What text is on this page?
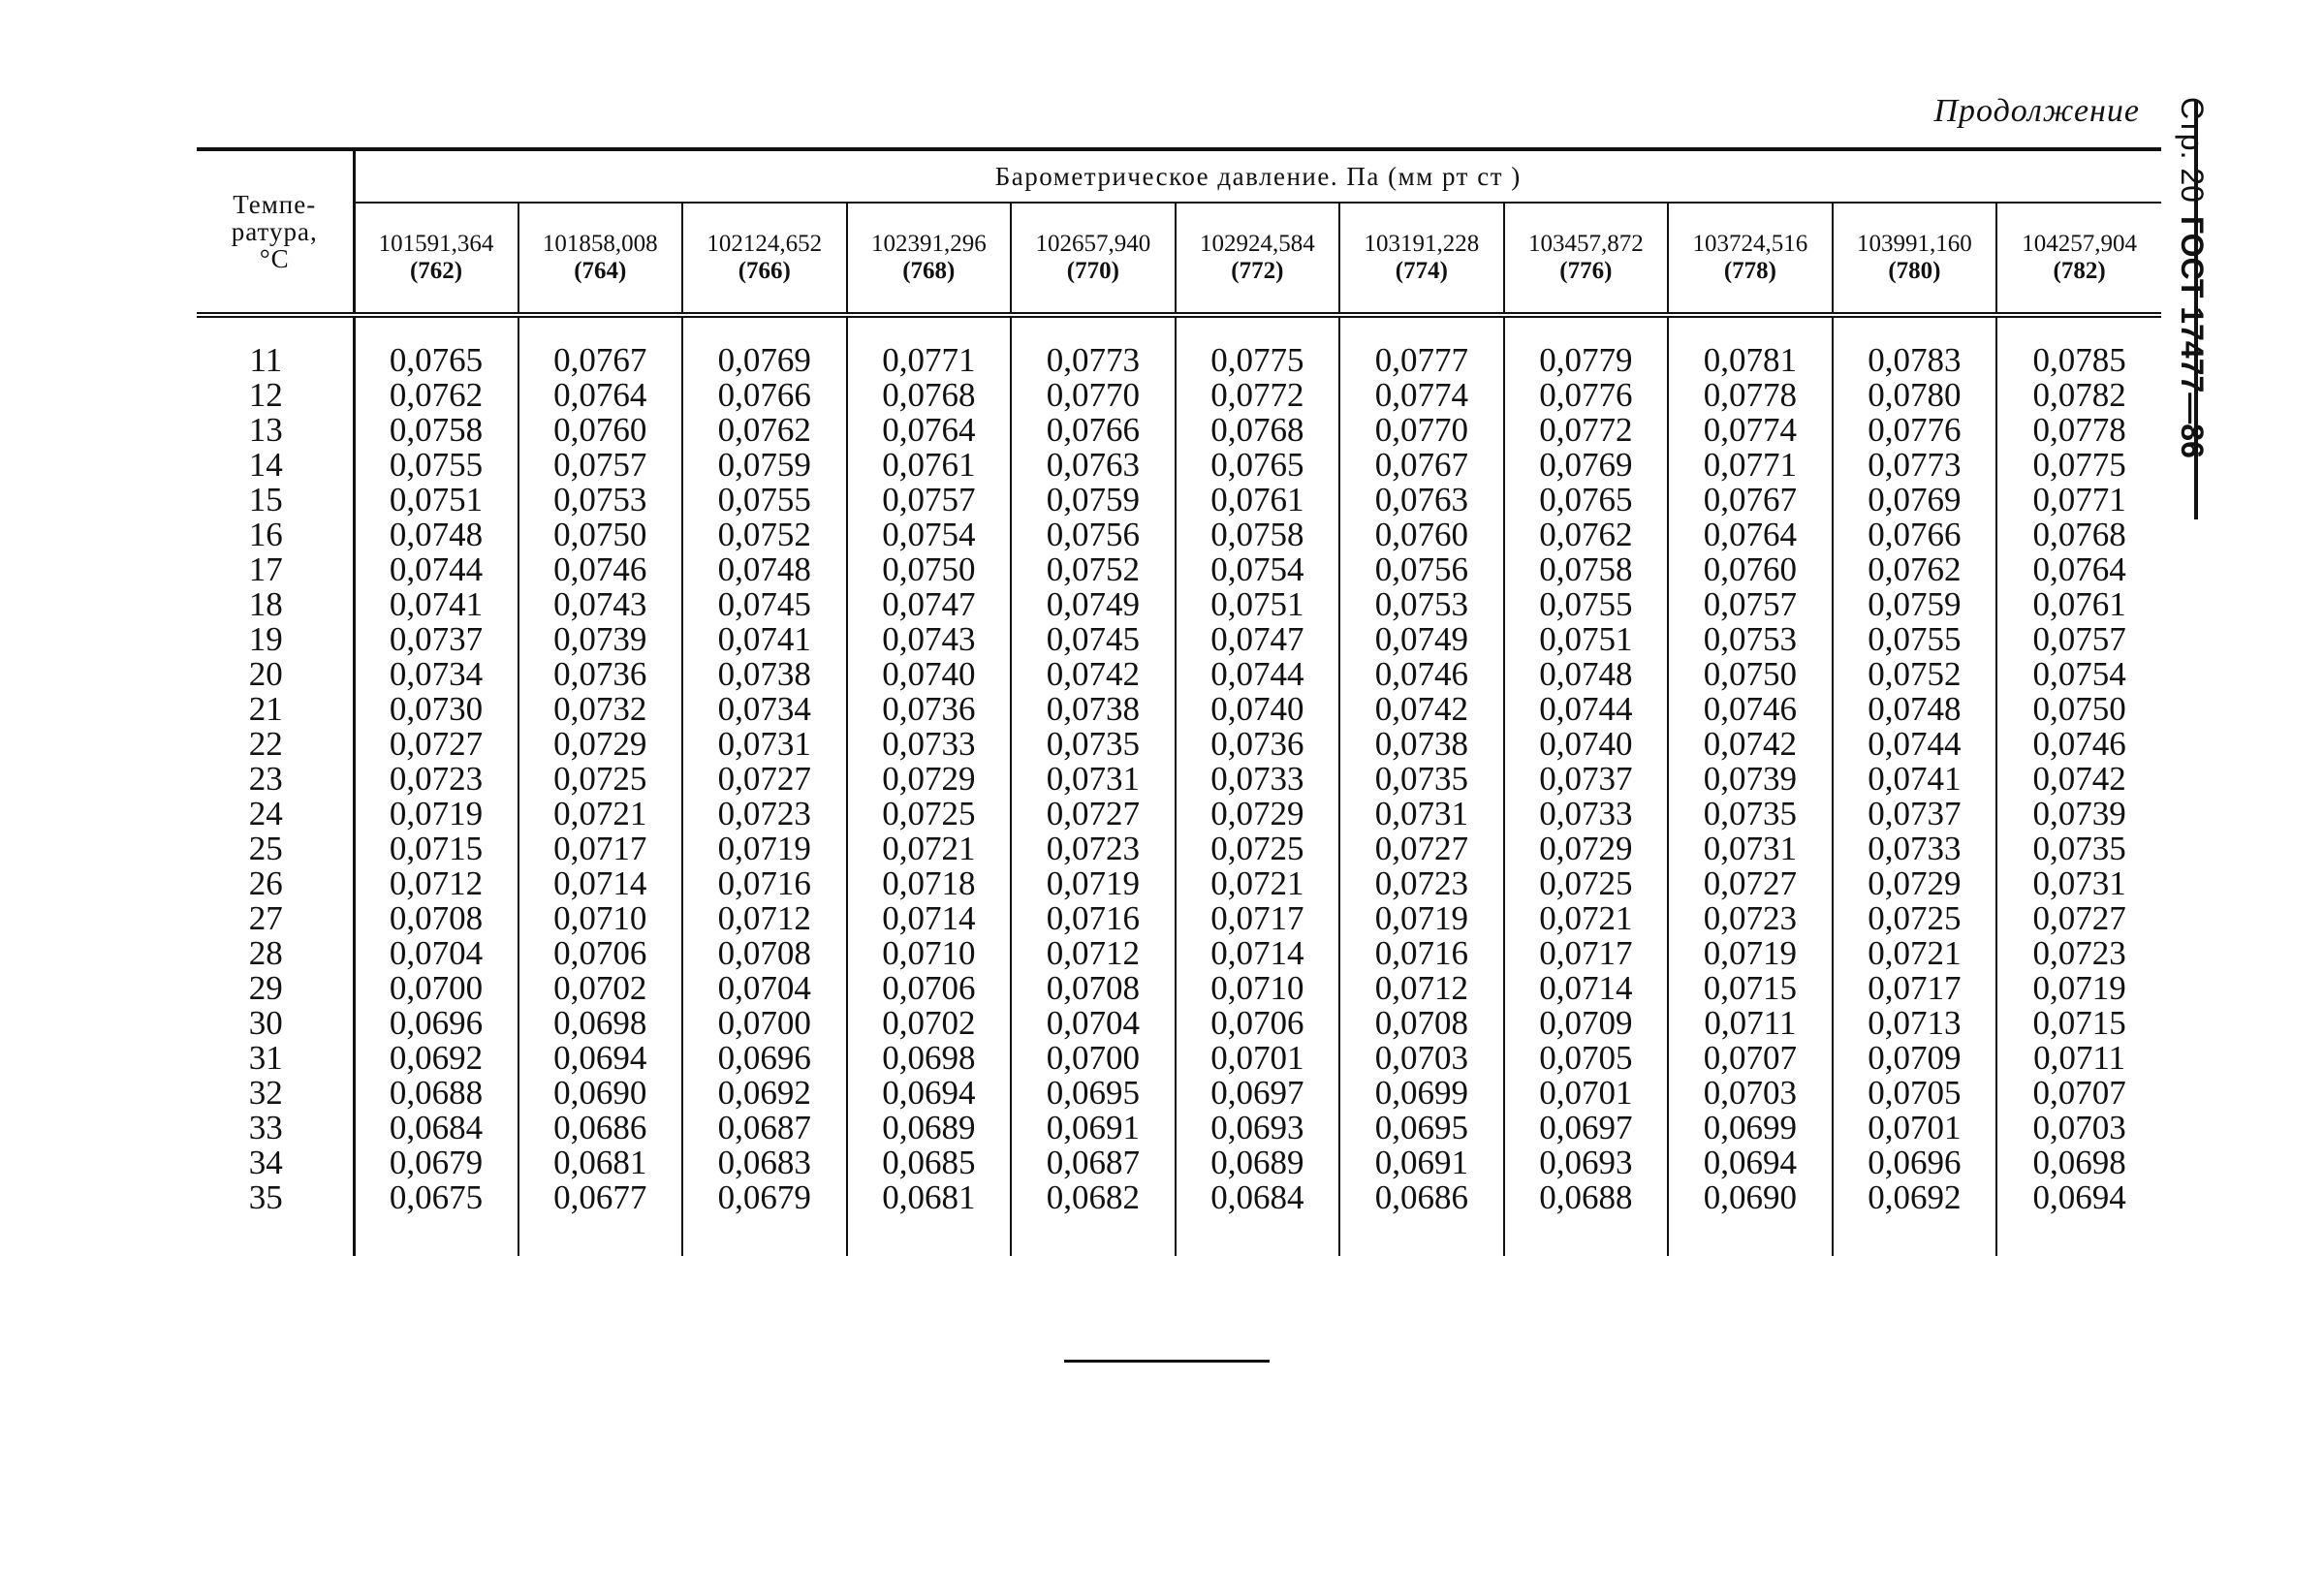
Продолжение Стр. 20ГОСТ 17477—86
Темпе-
ратура,
°C	Барометрическое давление. Па (мм рт ст )										

	101591,364
(762)	101858,008
(764)	102124,652
(766)	102391,296
(768)	102657,940
(770)	102924,584
(772)	103191,228
(774)	103457,872
(776)	103724,516
(778)	103991,160
(780)	104257,904
(782)

11	0,0765	0,0767	0,0769	0,0771	0,0773	0,0775	0,0777	0,0779	0,0781	0,0783	0,0785
12	0,0762	0,0764	0,0766	0,0768	0,0770	0,0772	0,0774	0,0776	0,0778	0,0780	0,0782
13	0,0758	0,0760	0,0762	0,0764	0,0766	0,0768	0,0770	0,0772	0,0774	0,0776	0,0778
14	0,0755	0,0757	0,0759	0,0761	0,0763	0,0765	0,0767	0,0769	0,0771	0,0773	0,0775
15	0,0751	0,0753	0,0755	0,0757	0,0759	0,0761	0,0763	0,0765	0,0767	0,0769	0,0771
16	0,0748	0,0750	0,0752	0,0754	0,0756	0,0758	0,0760	0,0762	0,0764	0,0766	0,0768
17	0,0744	0,0746	0,0748	0,0750	0,0752	0,0754	0,0756	0,0758	0,0760	0,0762	0,0764
18	0,0741	0,0743	0,0745	0,0747	0,0749	0,0751	0,0753	0,0755	0,0757	0,0759	0,0761
19	0,0737	0,0739	0,0741	0,0743	0,0745	0,0747	0,0749	0,0751	0,0753	0,0755	0,0757
20	0,0734	0,0736	0,0738	0,0740	0,0742	0,0744	0,0746	0,0748	0,0750	0,0752	0,0754
21	0,0730	0,0732	0,0734	0,0736	0,0738	0,0740	0,0742	0,0744	0,0746	0,0748	0,0750
22	0,0727	0,0729	0,0731	0,0733	0,0735	0,0736	0,0738	0,0740	0,0742	0,0744	0,0746
23	0,0723	0,0725	0,0727	0,0729	0,0731	0,0733	0,0735	0,0737	0,0739	0,0741	0,0742
24	0,0719	0,0721	0,0723	0,0725	0,0727	0,0729	0,0731	0,0733	0,0735	0,0737	0,0739
25	0,0715	0,0717	0,0719	0,0721	0,0723	0,0725	0,0727	0,0729	0,0731	0,0733	0,0735
26	0,0712	0,0714	0,0716	0,0718	0,0719	0,0721	0,0723	0,0725	0,0727	0,0729	0,0731
27	0,0708	0,0710	0,0712	0,0714	0,0716	0,0717	0,0719	0,0721	0,0723	0,0725	0,0727
28	0,0704	0,0706	0,0708	0,0710	0,0712	0,0714	0,0716	0,0717	0,0719	0,0721	0,0723
29	0,0700	0,0702	0,0704	0,0706	0,0708	0,0710	0,0712	0,0714	0,0715	0,0717	0,0719
30	0,0696	0,0698	0,0700	0,0702	0,0704	0,0706	0,0708	0,0709	0,0711	0,0713	0,0715
31	0,0692	0,0694	0,0696	0,0698	0,0700	0,0701	0,0703	0,0705	0,0707	0,0709	0,0711
32	0,0688	0,0690	0,0692	0,0694	0,0695	0,0697	0,0699	0,0701	0,0703	0,0705	0,0707
33	0,0684	0,0686	0,0687	0,0689	0,0691	0,0693	0,0695	0,0697	0,0699	0,0701	0,0703
34	0,0679	0,0681	0,0683	0,0685	0,0687	0,0689	0,0691	0,0693	0,0694	0,0696	0,0698
35	0,0675	0,0677	0,0679	0,0681	0,0682	0,0684	0,0686	0,0688	0,0690	0,0692	0,0694
